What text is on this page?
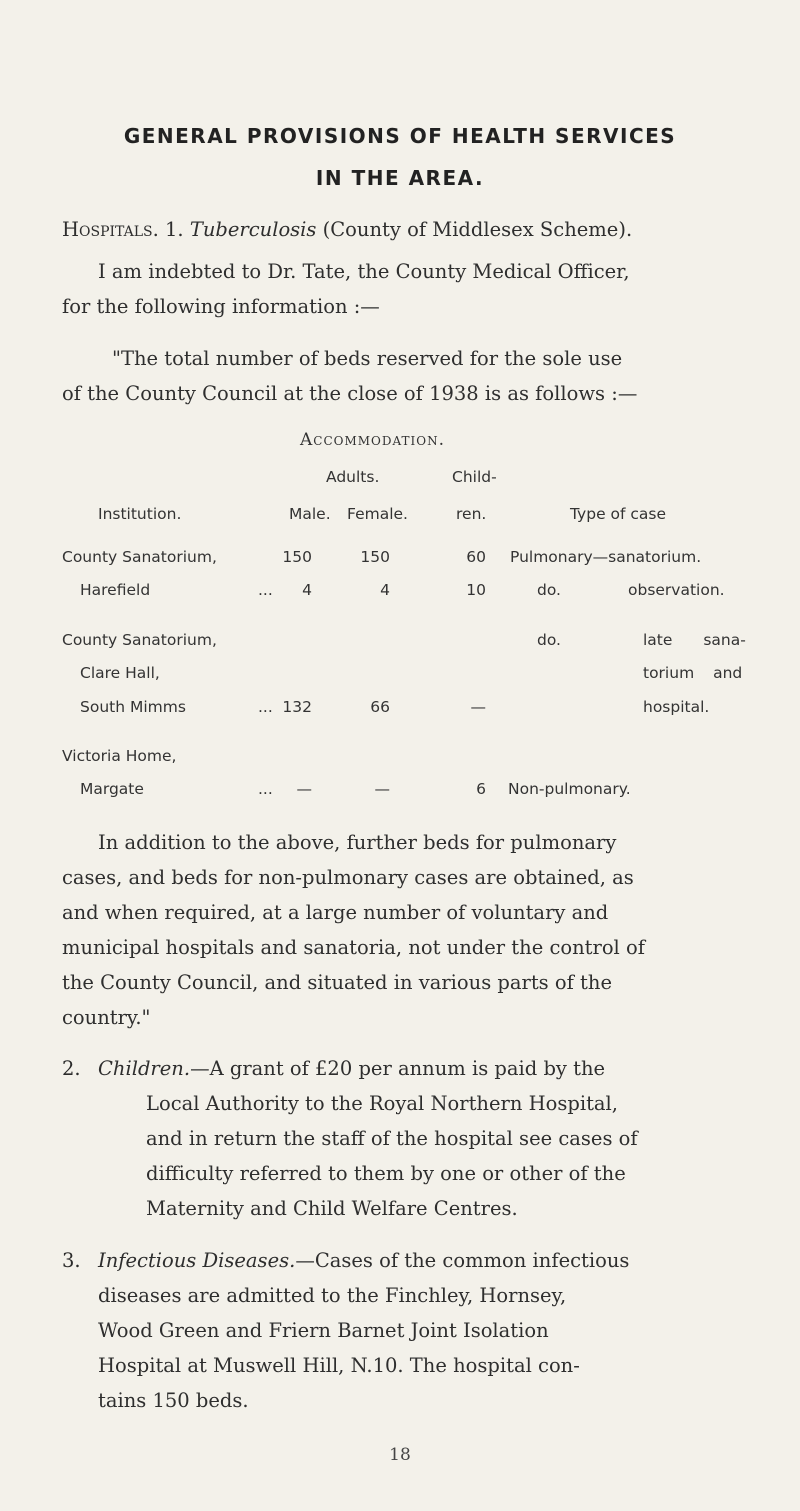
GENERAL PROVISIONS OF HEALTH SERVICES
IN THE AREA.
Hospitals. 1. Tuberculosis (County of Middlesex Scheme).
I am indebted to Dr. Tate, the County Medical Officer,
for the following information :—
"The total number of beds reserved for the sole use
of the County Council at the close of 1938 is as follows :—
Accommodation.
Adults.	Child-
Institution.	Male. Female.	ren.	Type of case
County Sanatorium,	150	150	60 Pulmonary—sanatorium.
Harefield	...	4	4	10	do.	observation.
County Sanatorium,	do.	late sana-
Clare Hall,	torium and
South Mimms	... 132	66	—	hospital.
Victoria Home,
Margate	...	—	—	6 Non-pulmonary.
In addition to the above, further beds for pulmonary
cases, and beds for non-pulmonary cases are obtained, as
and when required, at a large number of voluntary and
municipal hospitals and sanatoria, not under the control of
the County Council, and situated in various parts of the
country."
2. Children.—A grant of £20 per annum is paid by the
Local Authority to the Royal Northern Hospital,
and in return the staff of the hospital see cases of
difficulty referred to them by one or other of the
Maternity and Child Welfare Centres.
3. Infectious Diseases.—Cases of the common infectious
diseases are admitted to the Finchley, Hornsey,
Wood Green and Friern Barnet Joint Isolation
Hospital at Muswell Hill, N.10. The hospital con-
tains 150 beds.
18
